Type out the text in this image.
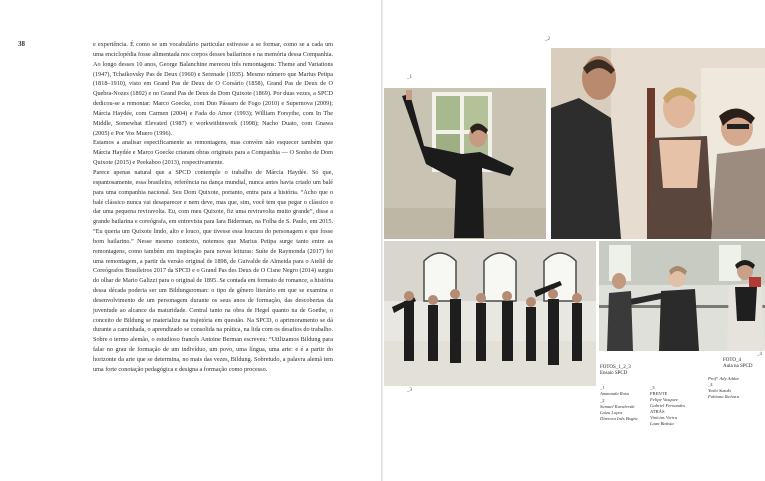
38	e experiência. É como se um vocabulário particular estivesse a se formar, como se a cada um uma enciclopédia fosse alimentada nos corpos desses bailarinos e na memória dessa Companhia. Ao longo desses 10 anos, George Balanchine mereceu três remontagens: Theme and Variations (1947), Tchaikovsky Pas de Deux (1960) e Serenade (1935). Mesmo número que Marius Petipa (1818–1910), visto em Grand Pas de Deux de O Corsário (1858), Grand Pas de Deux de O Quebra-Nozes (1892) e no Grand Pas de Deux de Dom Quixote (1869). Por duas vezes, a SPCD dedicou-se a remontar: Marco Goecke, com Duo Pássaro de Fogo (2010) e Supernova (2009); Márcia Haydée, com Carmen (2004) e Fada do Amor (1993); William Forsythe, com In The Middle, Somewhat Elevated (1987) e workwithinwork (1998); Nacho Duato, com Gnawa (2005) e Por Vos Muero (1996).

Estamos a analisar especificamente as remontagens, mas convém não esquecer também que Márcia Haydée e Marco Goecke criaram obras originais para a Companhia — O Sonho de Dom Quixote (2015) e Peekaboo (2013), respectivamente.

Parece apenas natural que a SPCD contemple o trabalho de Márcia Haydée. Só que, espantosamente, essa brasileira, referência na dança mundial, nunca antes havia criado um balé para uma companhia nacional. Seu Dom Quixote, portanto, entra para a história. “Acho que o balé clássico nunca vai desaparecer e nem deve, mas que, sim, você tem que pegar o clássico e dar uma pequena reviravolta. Eu, com meu Quixote, fiz uma reviravolta muito grande”, disse a grande bailarina e coreógrafa, em entrevista para Iara Biderman, na Folha de S. Paulo, em 2015. “Eu queria um Quixote lindo, alto e louco, que tivesse essa loucura do personagem e que fosse bom bailarino.” Nesse mesmo contexto, notemos que Marius Petipa surge tanto entre as remontagens, como também em inspiração para novas leituras: Suíte de Raymonda (2017) foi uma remontagem, a partir da versão original de 1898, de Guivalde de Almeida para o Ateliê de Coreógrafos Brasileiros 2017 da SPCD e o Grand Pas des Deux de O Cisne Negro (2014) surgiu do olhar de Mario Galizzi para o original de 1895. Se contada em formato de romance, a história dessa década poderia ser um Bildungsroman: o tipo de gênero literário em que se examina o desenvolvimento de um personagem durante os seus anos de formação, das descobertas da juventude ao alcance da maturidade. Central tanto na obra de Hegel quanto na de Goethe, o conceito de Bildung se materializa na trajetória em questão. Na SPCD, o aprimoramento se dá durante a caminhada, o aprendizado se consolida na prática, na lida com os desafios do trabalho. Sobre o termo alemão, o estudioso francês Antoine Berman escreveu: “Utilizamos Bildung para falar no grau de formação de um indivíduo, um povo, uma língua, uma arte: e é a partir do horizonte da arte que se determina, no mais das vezes, Bildung. Sobretudo, a palavra alemã tem uma forte conotação pedagógica e designa a formação como processo.

_1
_2
_3
_4
FOTOS_1_2_3
Ensaio SPCD
FOTO_4
Aula na SPCD
_1
Ammanda Rosa
_2
Samuel Kavalerski
Luiza Lopes
Diretora Inês Bogéa
_3
FRENTE
Felipe Vasquez
Gabriel Fernandes
ATRÁS
Vinícius Vieira
Luan Batista
Profª. Ady Addor
_4
Yoshi Suzuki
Fabiana Ikehara
